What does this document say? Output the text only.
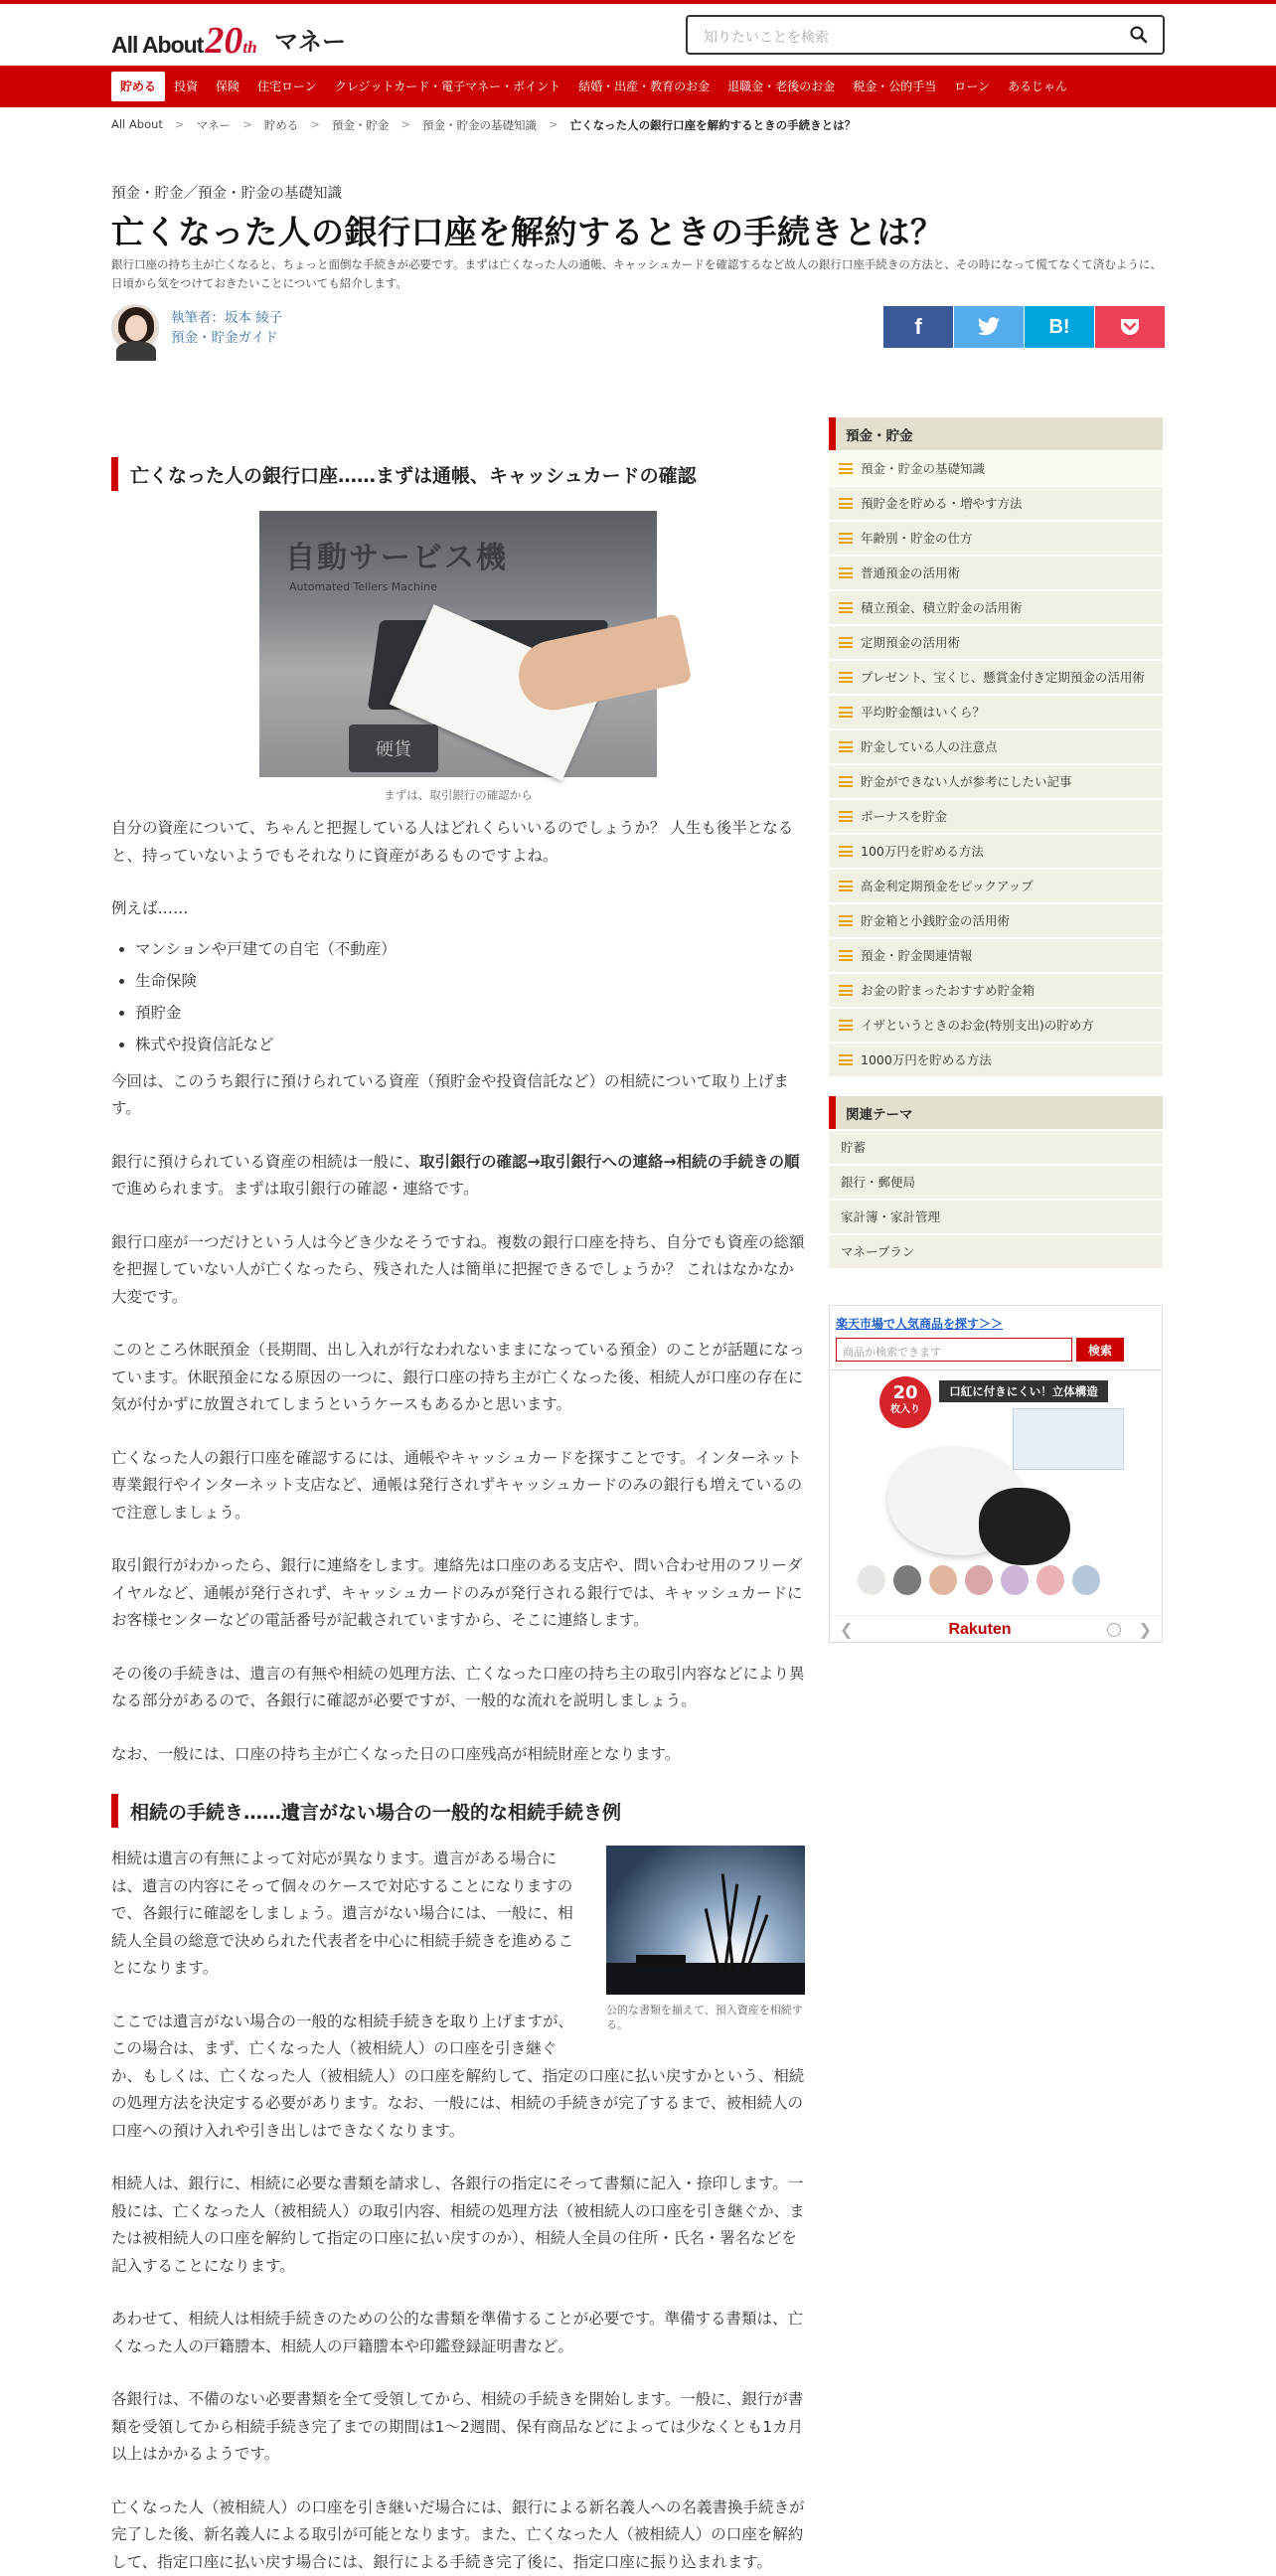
All About 20 th マネー	知りたいことを検索
貯める	投資	保険	住宅ローン	クレジットカード・電子マネー・ポイント	結婚・出産・教育のお金	退職金・老後のお金	税金・公的手当	ローン	あるじゃん
All About > マネー > 貯める > 預金・貯金 > 預金・貯金の基礎知識 > 亡くなった人の銀行口座を解約するときの手続きとは？
預金・貯金／預金・貯金の基礎知識
亡くなった人の銀行口座を解約するときの手続きとは？
銀行口座の持ち主が亡くなると、ちょっと面倒な手続きが必要です。まずは亡くなった人の通帳、キャッシュカードを確認するなど故人の銀行口座手続きの方法と、その時になって慌てなくて済むように、日頃から気をつけておきたいことについても紹介します。
執筆者：坂本 綾子
預金・貯金ガイド	f	B!
亡くなった人の銀行口座……まずは通帳、キャッシュカードの確認
自動サービス機
Automated Tellers Machine
硬貨
まずは、取引銀行の確認から

自分の資産について、ちゃんと把握している人はどれくらいいるのでしょうか？ 人生も後半となると、持っていないようでもそれなりに資産があるものですよね。

例えば……

• マンションや戸建ての自宅（不動産）
• 生命保険
• 預貯金
• 株式や投資信託など

今回は、このうち銀行に預けられている資産（預貯金や投資信託など）の相続について取り上げます。

銀行に預けられている資産の相続は一般に、取引銀行の確認→取引銀行への連絡→相続の手続きの順で進められます。まずは取引銀行の確認・連絡です。

銀行口座が一つだけという人は今どき少なそうですね。複数の銀行口座を持ち、自分でも資産の総額を把握していない人が亡くなったら、残された人は簡単に把握できるでしょうか？ これはなかなか大変です。

このところ休眠預金（長期間、出し入れが行なわれないままになっている預金）のことが話題になっています。休眠預金になる原因の一つに、銀行口座の持ち主が亡くなった後、相続人が口座の存在に気が付かずに放置されてしまうというケースもあるかと思います。

亡くなった人の銀行口座を確認するには、通帳やキャッシュカードを探すことです。インターネット専業銀行やインターネット支店など、通帳は発行されずキャッシュカードのみの銀行も増えているので注意しましょう。

取引銀行がわかったら、銀行に連絡をします。連絡先は口座のある支店や、問い合わせ用のフリーダイヤルなど、通帳が発行されず、キャッシュカードのみが発行される銀行では、キャッシュカードにお客様センターなどの電話番号が記載されていますから、そこに連絡します。

その後の手続きは、遺言の有無や相続の処理方法、亡くなった口座の持ち主の取引内容などにより異なる部分があるので、各銀行に確認が必要ですが、一般的な流れを説明しましょう。

なお、一般には、口座の持ち主が亡くなった日の口座残高が相続財産となります。

相続の手続き……遺言がない場合の一般的な相続手続き例
公的な書類を揃えて、預入資産を相続する。

相続は遺言の有無によって対応が異なります。遺言がある場合には、遺言の内容にそって個々のケースで対応することになりますので、各銀行に確認をしましょう。遺言がない場合には、一般に、相続人全員の総意で決められた代表者を中心に相続手続きを進めることになります。

ここでは遺言がない場合の一般的な相続手続きを取り上げますが、この場合は、まず、亡くなった人（被相続人）の口座を引き継ぐか、もしくは、亡くなった人（被相続人）の口座を解約して、指定の口座に払い戻すかという、相続の処理方法を決定する必要があります。なお、一般には、相続の手続きが完了するまで、被相続人の口座への預け入れや引き出しはできなくなります。

相続人は、銀行に、相続に必要な書類を請求し、各銀行の指定にそって書類に記入・捺印します。一般には、亡くなった人（被相続人）の取引内容、相続の処理方法（被相続人の口座を引き継ぐか、または被相続人の口座を解約して指定の口座に払い戻すのか）、相続人全員の住所・氏名・署名などを記入することになります。

あわせて、相続人は相続手続きのための公的な書類を準備することが必要です。準備する書類は、亡くなった人の戸籍謄本、相続人の戸籍謄本や印鑑登録証明書など。

各銀行は、不備のない必要書類を全て受領してから、相続の手続きを開始します。一般に、銀行が書類を受領してから相続手続き完了までの期間は1～2週間、保有商品などによっては少なくとも1カ月以上はかかるようです。

亡くなった人（被相続人）の口座を引き継いだ場合には、銀行による新名義人への名義書換手続きが完了した後、新名義人による取引が可能となります。また、亡くなった人（被相続人）の口座を解約して、指定口座に払い戻す場合には、銀行による手続き完了後に、指定口座に振り込まれます。

預金・貯金
預金・貯金の基礎知識
預貯金を貯める・増やす方法
年齢別・貯金の仕方
普通預金の活用術
積立預金、積立貯金の活用術
定期預金の活用術
プレゼント、宝くじ、懸賞金付き定期預金の活用術
平均貯金額はいくら？
貯金している人の注意点
貯金ができない人が参考にしたい記事
ボーナスを貯金
100万円を貯める方法
高金利定期預金をピックアップ
貯金箱と小銭貯金の活用術
預金・貯金関連情報
お金の貯まったおすすめ貯金箱
イザというときのお金(特別支出)の貯め方
1000万円を貯める方法
関連テーマ
貯蓄
銀行・郵便局
家計簿・家計管理
マネープラン
楽天市場で人気商品を探す＞＞
商品か検索できます	検索
20
枚入り
口紅に付きにくい！立体構造
❮	Rakuten	❯
